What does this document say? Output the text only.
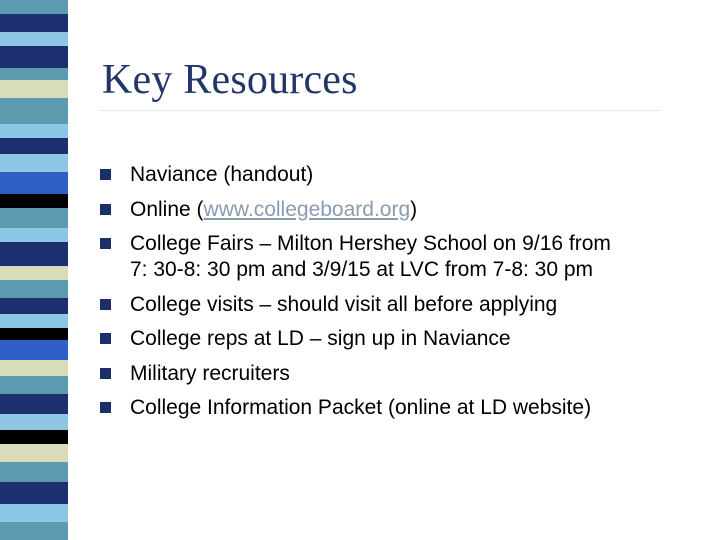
Key Resources
Naviance (handout)
Online (www.collegeboard.org)
College Fairs – Milton Hershey School on 9/16 from
7: 30-8: 30 pm and 3/9/15 at LVC from 7-8: 30 pm
College visits – should visit all before applying
College reps at LD – sign up in Naviance
Military recruiters
College Information Packet (online at LD website)
